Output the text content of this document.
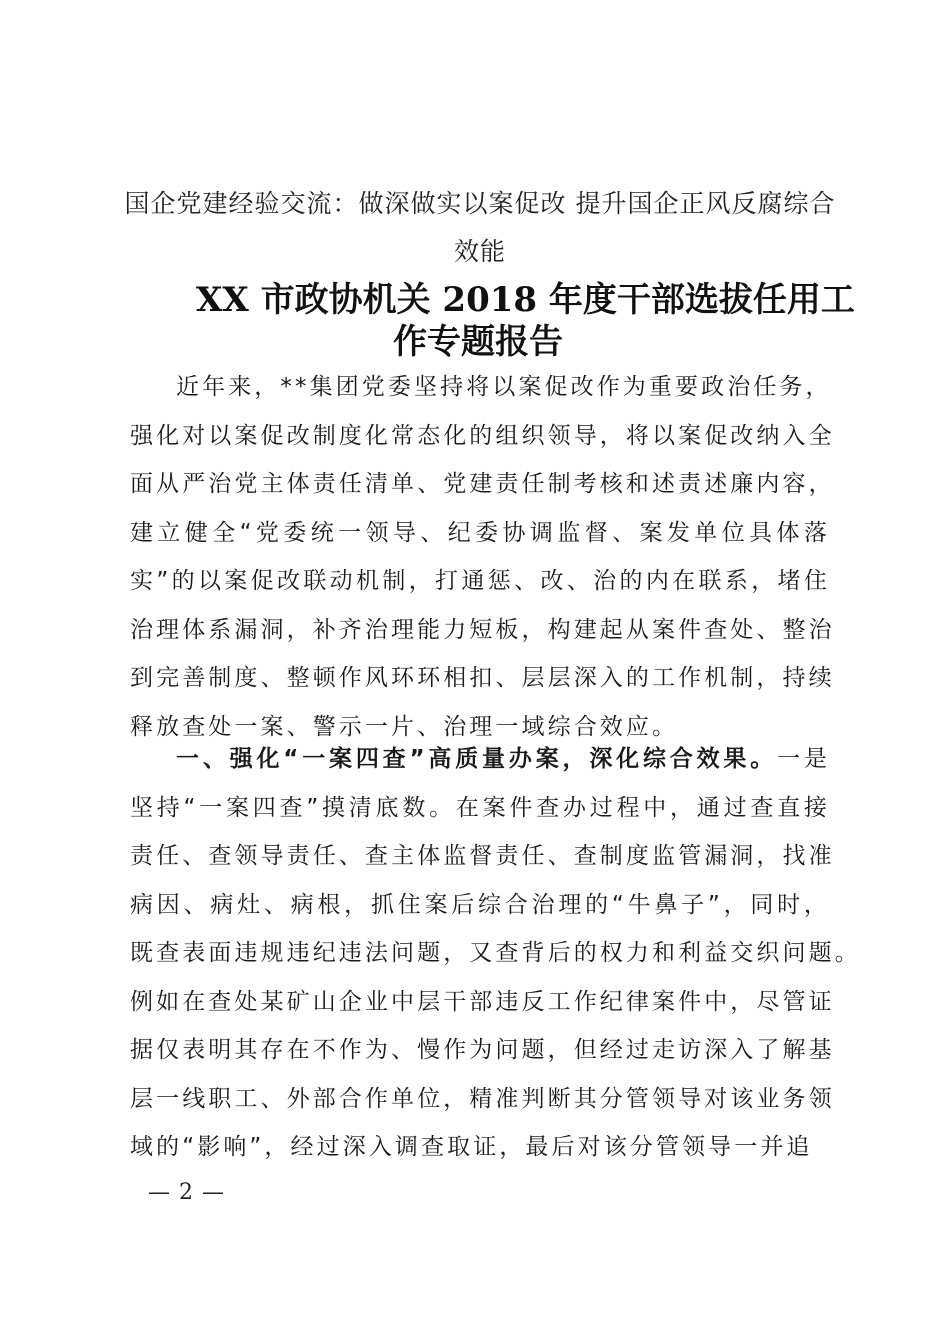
国企党建经验交流：做深做实以案促改 提升国企正风反腐综合
效能
XX 市政协机关 2018 年度干部选拔任用工
作专题报告
近年来，**集团党委坚持将以案促改作为重要政治任务，
强化对以案促改制度化常态化的组织领导，将以案促改纳入全
面从严治党主体责任清单、党建责任制考核和述责述廉内容，
建立健全“党委统一领导、纪委协调监督、案发单位具体落
实”的以案促改联动机制，打通惩、改、治的内在联系，堵住
治理体系漏洞，补齐治理能力短板，构建起从案件查处、整治
到完善制度、整顿作风环环相扣、层层深入的工作机制，持续
释放查处一案、警示一片、治理一域综合效应。
一、强化“一案四查”高质量办案，深化综合效果。一是
坚持“一案四查”摸清底数。在案件查办过程中，通过查直接
责任、查领导责任、查主体监督责任、查制度监管漏洞，找准
病因、病灶、病根，抓住案后综合治理的“牛鼻子”，同时，
既查表面违规违纪违法问题，又查背后的权力和利益交织问题。
例如在查处某矿山企业中层干部违反工作纪律案件中，尽管证
据仅表明其存在不作为、慢作为问题，但经过走访深入了解基
层一线职工、外部合作单位，精准判断其分管领导对该业务领
域的“影响”，经过深入调查取证，最后对该分管领导一并追
— 2 —
